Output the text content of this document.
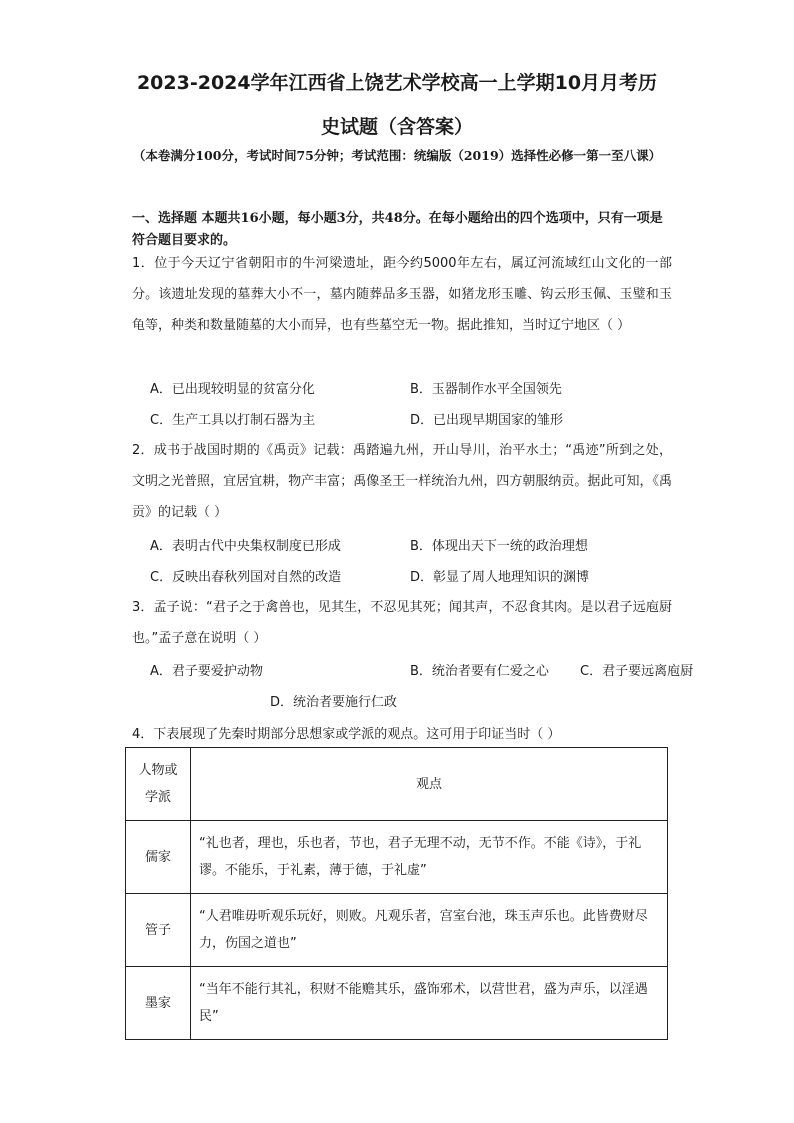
2023-2024学年江西省上饶艺术学校高一上学期10月月考历
史试题（含答案）
（本卷满分100分，考试时间75分钟；考试范围：统编版（2019）选择性必修一第一至八课）
一、选择题 本题共16小题，每小题3分，共48分。在每小题给出的四个选项中，只有一项是符合题目要求的。
1．位于今天辽宁省朝阳市的牛河梁遗址，距今约5000年左右，属辽河流域红山文化的一部分。该遗址发现的墓葬大小不一，墓内随葬品多玉器，如猪龙形玉雕、钩云形玉佩、玉璧和玉龟等，种类和数量随墓的大小而异，也有些墓空无一物。据此推知，当时辽宁地区（ ）
A．已出现较明显的贫富分化	B．玉器制作水平全国领先
C．生产工具以打制石器为主	D．已出现早期国家的雏形
2．成书于战国时期的《禹贡》记载：禹踏遍九州，开山导川，治平水土；“禹迹”所到之处，文明之光普照，宜居宜耕，物产丰富；禹像圣王一样统治九州，四方朝服纳贡。据此可知，《禹贡》的记载（ ）
A．表明古代中央集权制度已形成	B．体现出天下一统的政治理想
C．反映出春秋列国对自然的改造	D．彰显了周人地理知识的渊博
3．孟子说：“君子之于禽兽也，见其生，不忍见其死；闻其声，不忍食其肉。是以君子远庖厨也。”孟子意在说明（ ）
A．君子要爱护动物	B．统治者要有仁爱之心 C．君子要远离庖厨
D．统治者要施行仁政
4．下表展现了先秦时期部分思想家或学派的观点。这可用于印证当时（ ）
人物或学派	观点
儒家	“礼也者，理也，乐也者，节也，君子无理不动，无节不作。不能《诗》，于礼谬。不能乐，于礼素，薄于德，于礼虚”
管子	“人君唯毋听观乐玩好，则败。凡观乐者，宫室台池，珠玉声乐也。此皆费财尽力，伤国之道也”
墨家	“当年不能行其礼，积财不能赡其乐，盛饰邪术，以营世君，盛为声乐，以淫遇民”
